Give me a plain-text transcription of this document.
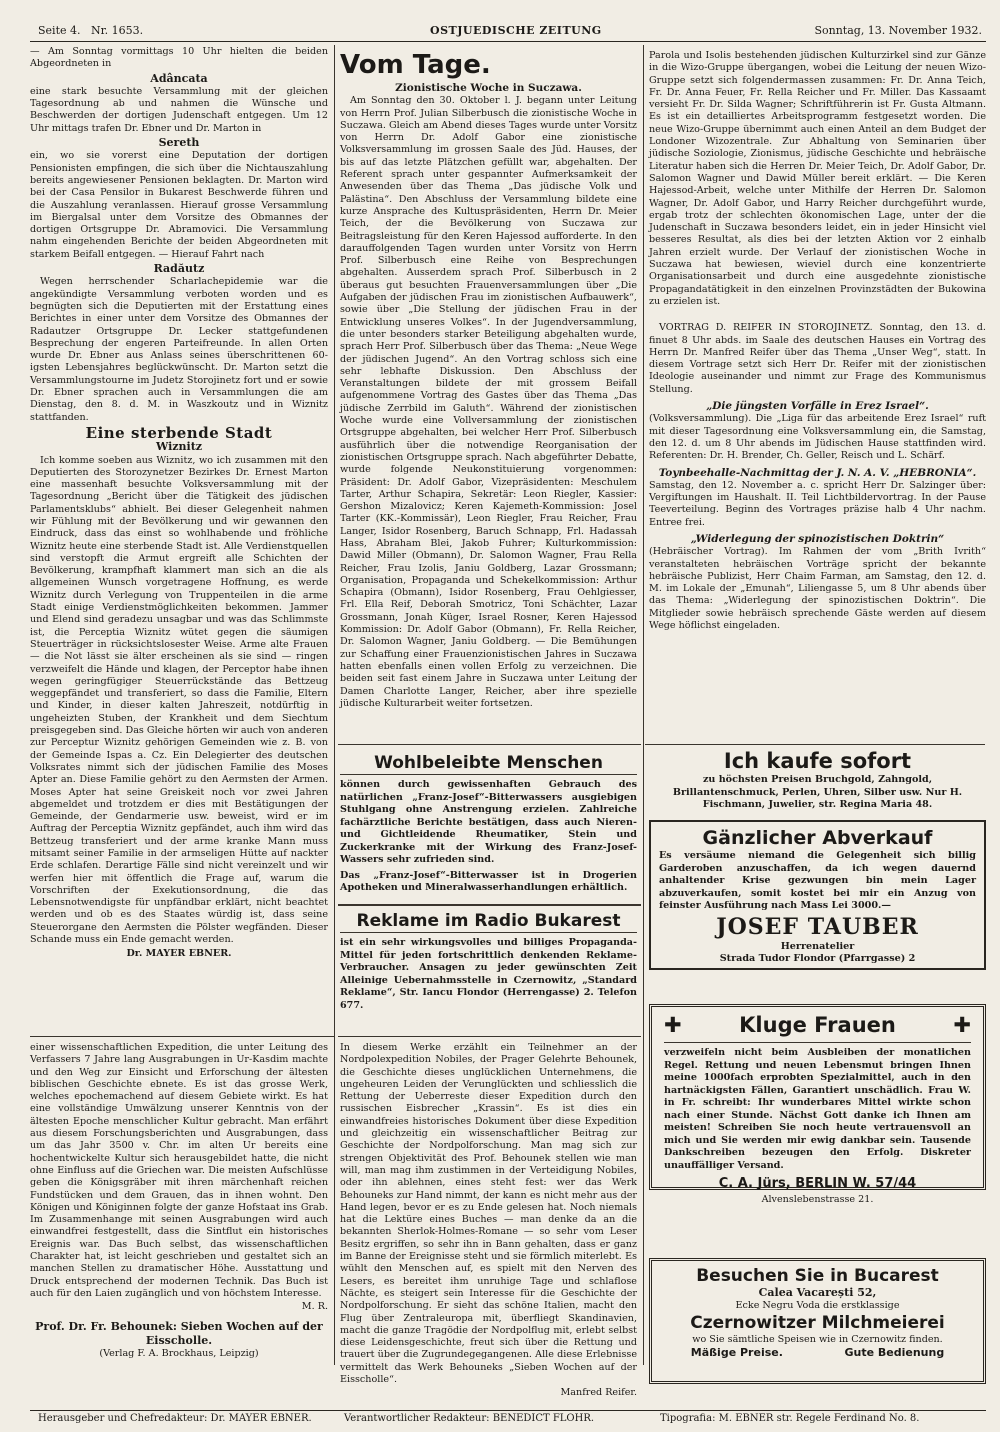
Seite 4. Nr. 1653.	OSTJUEDISCHE ZEITUNG	Sonntag, 13. November 1932.

— Am Sonntag vormittags 10 Uhr hielten die beiden Abgeordneten in

Adâncata

eine stark besuchte Versammlung mit der gleichen Tagesordnung ab und nahmen die Wünsche und Beschwerden der dortigen Judenschaft entgegen. Um 12 Uhr mittags trafen Dr. Ebner und Dr. Marton in

Sereth

ein, wo sie vorerst eine Deputation der dortigen Pensionisten empfingen, die sich über die Nichtauszahlung bereits angewiesener Pensionen beklagten. Dr. Marton wird bei der Casa Pensilor in Bukarest Beschwerde führen und die Auszahlung veranlassen. Hierauf grosse Versammlung im Biergalsal unter dem Vorsitze des Obmannes der dortigen Ortsgruppe Dr. Abramovici. Die Versammlung nahm eingehenden Berichte der beiden Abgeordneten mit starkem Beifall entgegen. — Hierauf Fahrt nach

Radăutz

Wegen herrschender Scharlachepidemie war die angekündigte Versammlung verboten worden und es begnügten sich die Deputierten mit der Erstattung eines Berichtes in einer unter dem Vorsitze des Obmannes der Radautzer Ortsgruppe Dr. Lecker stattgefundenen Besprechung der engeren Parteifreunde. In allen Orten wurde Dr. Ebner aus Anlass seines überschrittenen 60-igsten Lebensjahres beglückwünscht. Dr. Marton setzt die Versammlungstourne im Judetz Storojinetz fort und er sowie Dr. Ebner sprachen auch in Versammlungen die am Dienstag, den 8. d. M. in Waszkoutz und in Wiznitz stattfanden.

Eine sterbende Stadt
Wiznitz

Ich komme soeben aus Wiznitz, wo ich zusammen mit den Deputierten des Storozynetzer Bezirkes Dr. Ernest Marton eine massenhaft besuchte Volksversammlung mit der Tagesordnung „Bericht über die Tätigkeit des jüdischen Parlamentsklubs“ abhielt. Bei dieser Gelegenheit nahmen wir Fühlung mit der Bevölkerung und wir gewannen den Eindruck, dass das einst so wohlhabende und fröhliche Wiznitz heute eine sterbende Stadt ist. Alle Verdienstquellen sind verstopft die Armut ergreift alle Schichten der Bevölkerung, krampfhaft klammert man sich an die als allgemeinen Wunsch vorgetragene Hoffnung, es werde Wiznitz durch Verlegung von Truppenteilen in die arme Stadt einige Verdienstmöglichkeiten bekommen. Jammer und Elend sind geradezu unsagbar und was das Schlimmste ist, die Perceptia Wiznitz wütet gegen die säumigen Steuerträger in rücksichtslosester Weise. Arme alte Frauen — die Not lässt sie älter erscheinen als sie sind — ringen verzweifelt die Hände und klagen, der Perceptor habe ihnen wegen geringfügiger Steuerrückstände das Bettzeug weggepfändet und transferiert, so dass die Familie, Eltern und Kinder, in dieser kalten Jahreszeit, notdürftig in ungeheizten Stuben, der Krankheit und dem Siechtum preisgegeben sind. Das Gleiche hörten wir auch von anderen zur Perceptur Wiznitz gehörigen Gemeinden wie z. B. von der Gemeinde Ispas a. Cz. Ein Delegierter des deutschen Volksrates nimmt sich der jüdischen Familie des Moses Apter an. Diese Familie gehört zu den Aermsten der Armen. Moses Apter hat seine Greiskeit noch vor zwei Jahren abgemeldet und trotzdem er dies mit Bestätigungen der Gemeinde, der Gendarmerie usw. beweist, wird er im Auftrag der Perceptia Wiznitz gepfändet, auch ihm wird das Bettzeug transferiert und der arme kranke Mann muss mitsamt seiner Familie in der armseligen Hütte auf nackter Erde schlafen. Derartige Fälle sind nicht vereinzelt und wir werfen hier mit öffentlich die Frage auf, warum die Vorschriften der Exekutionsordnung, die das Lebensnotwendigste für unpfändbar erklärt, nicht beachtet werden und ob es des Staates würdig ist, dass seine Steuerorgane den Aermsten die Pölster wegfänden. Dieser Schande muss ein Ende gemacht werden.

Dr. MAYER EBNER.
Vom Tage.
Zionistische Woche in Suczawa.

Am Sonntag den 30. Oktober l. J. begann unter Leitung von Herrn Prof. Julian Silberbusch die zionistische Woche in Suczawa. Gleich am Abend dieses Tages wurde unter Vorsitz von Herrn Dr. Adolf Gabor eine zionistische Volksversammlung im grossen Saale des Jüd. Hauses, der bis auf das letzte Plätzchen gefüllt war, abgehalten. Der Referent sprach unter gespannter Aufmerksamkeit der Anwesenden über das Thema „Das jüdische Volk und Palästina“. Den Abschluss der Versammlung bildete eine kurze Ansprache des Kultuspräsidenten, Herrn Dr. Meier Teich, der die Bevölkerung von Suczawa zur Beitragsleistung für den Keren Hajessod aufforderte. In den darauffolgenden Tagen wurden unter Vorsitz von Herrn Prof. Silberbusch eine Reihe von Besprechungen abgehalten. Ausserdem sprach Prof. Silberbusch in 2 überaus gut besuchten Frauenversammlungen über „Die Aufgaben der jüdischen Frau im zionistischen Aufbauwerk“, sowie über „Die Stellung der jüdischen Frau in der Entwicklung unseres Volkes“. In der Jugendversammlung, die unter besonders starker Beteiligung abgehalten wurde, sprach Herr Prof. Silberbusch über das Thema: „Neue Wege der jüdischen Jugend“. An den Vortrag schloss sich eine sehr lebhafte Diskussion. Den Abschluss der Veranstaltungen bildete der mit grossem Beifall aufgenommene Vortrag des Gastes über das Thema „Das jüdische Zerrbild im Galuth“. Während der zionistischen Woche wurde eine Vollversammlung der zionistischen Ortsgruppe abgehalten, bei welcher Herr Prof. Silberbusch ausführlich über die notwendige Reorganisation der zionistischen Ortsgruppe sprach. Nach abgeführter Debatte, wurde folgende Neukonstituierung vorgenommen: Präsident: Dr. Adolf Gabor, Vizepräsidenten: Meschulem Tarter, Arthur Schapira, Sekretär: Leon Riegler, Kassier: Gershon Mizalovicz; Keren Kajemeth-Kommission: Josel Tarter (KK.-Kommissär), Leon Riegler, Frau Reicher, Frau Langer, Isidor Rosenberg, Baruch Schnapp, Frl. Hadassah Hass, Abraham Blei, Jakob Fuhrer; Kulturkommission: Dawid Miller (Obmann), Dr. Salomon Wagner, Frau Rella Reicher, Frau Izolis, Janiu Goldberg, Lazar Grossmann; Organisation, Propaganda und Schekelkommission: Arthur Schapira (Obmann), Isidor Rosenberg, Frau Oehlgiesser, Frl. Ella Reif, Deborah Smotricz, Toni Schächter, Lazar Grossmann, Jonah Küger, Israel Rosner, Keren Hajessod Kommission: Dr. Adolf Gabor (Obmann), Fr. Rella Reicher, Dr. Salomon Wagner, Janiu Goldberg. — Die Bemühungen zur Schaffung einer Frauenzionistischen Jahres in Suczawa hatten ebenfalls einen vollen Erfolg zu verzeichnen. Die beiden seit fast einem Jahre in Suczawa unter Leitung der Damen Charlotte Langer, Reicher, aber ihre spezielle jüdische Kulturarbeit weiter fortsetzen.

Wohlbeleibte Menschen
können durch gewissenhaften Gebrauch des natürlichen „Franz-Josef“-Bitterwassers ausgiebigen Stuhlgang ohne Anstrengung erzielen. Zahlreiche fachärztliche Berichte bestätigen, dass auch Nieren- und Gichtleidende Rheumatiker, Stein und Zuckerkranke mit der Wirkung des Franz-Josef-Wassers sehr zufrieden sind.
Das „Franz-Josef“-Bitterwasser ist in Drogerien Apotheken und Mineralwasserhandlungen erhältlich.
Reklame im Radio Bukarest
ist ein sehr wirkungsvolles und billiges Propaganda-Mittel für jeden fortschrittlich denkenden Reklame-Verbraucher. Ansagen zu jeder gewünschten Zeit Alleinige Uebernahmsstelle in Czernowitz, „Standard Reklame“, Str. Iancu Flondor (Herrengasse) 2. Telefon 677.

Parola und Isolis bestehenden jüdischen Kulturzirkel sind zur Gänze in die Wizo-Gruppe übergangen, wobei die Leitung der neuen Wizo-Gruppe setzt sich folgendermassen zusammen: Fr. Dr. Anna Teich, Fr. Dr. Anna Feuer, Fr. Rella Reicher und Fr. Miller. Das Kassaamt versieht Fr. Dr. Silda Wagner; Schriftführerin ist Fr. Gusta Altmann. Es ist ein detailliertes Arbeitsprogramm festgesetzt worden. Die neue Wizo-Gruppe übernimmt auch einen Anteil an dem Budget der Londoner Wizozentrale. Zur Abhaltung von Seminarien über jüdische Soziologie, Zionismus, jüdische Geschichte und hebräische Literatur haben sich die Herren Dr. Meier Teich, Dr. Adolf Gabor, Dr. Salomon Wagner und Dawid Müller bereit erklärt. — Die Keren Hajessod-Arbeit, welche unter Mithilfe der Herren Dr. Salomon Wagner, Dr. Adolf Gabor, und Harry Reicher durchgeführt wurde, ergab trotz der schlechten ökonomischen Lage, unter der die Judenschaft in Suczawa besonders leidet, ein in jeder Hinsicht viel besseres Resultat, als dies bei der letzten Aktion vor 2 einhalb Jahren erzielt wurde. Der Verlauf der zionistischen Woche in Suczawa hat bewiesen, wieviel durch eine konzentrierte Organisationsarbeit und durch eine ausgedehnte zionistische Propagandatätigkeit in den einzelnen Provinzstädten der Bukowina zu erzielen ist.

VORTRAG D. REIFER IN STOROJINETZ. Sonntag, den 13. d. finuet 8 Uhr abds. im Saale des deutschen Hauses ein Vortrag des Herrn Dr. Manfred Reifer über das Thema „Unser Weg“, statt. In diesem Vortrage setzt sich Herr Dr. Reifer mit der zionistischen Ideologie auseinander und nimmt zur Frage des Kommunismus Stellung.

„Die jüngsten Vorfälle in Erez Israel“.

(Volksversammlung). Die „Liga für das arbeitende Erez Israel“ ruft mit dieser Tagesordnung eine Volksversammlung ein, die Samstag, den 12. d. um 8 Uhr abends im Jüdischen Hause stattfinden wird. Referenten: Dr. H. Brender, Ch. Geller, Reisch und L. Schärf.

Toynbeehalle-Nachmittag der J. N. A. V. „HEBRONIA“.

Samstag, den 12. November a. c. spricht Herr Dr. Salzinger über: Vergiftungen im Haushalt. II. Teil Lichtbildervortrag. In der Pause Teeverteilung. Beginn des Vortrages präzise halb 4 Uhr nachm. Entree frei.

„Widerlegung der spinozistischen Doktrin“

(Hebräischer Vortrag). Im Rahmen der vom „Brith Ivrith“ veranstalteten hebräischen Vorträge spricht der bekannte hebräische Publizist, Herr Chaim Farman, am Samstag, den 12. d. M. im Lokale der „Emunah“, Liliengasse 5, um 8 Uhr abends über das Thema: „Widerlegung der spinozistischen Doktrin“. Die Mitglieder sowie hebräisch sprechende Gäste werden auf diesem Wege höflichst eingeladen.

Ich kaufe sofort
zu höchsten Preisen Bruchgold, Zahngold, Brillantenschmuck, Perlen, Uhren, Silber usw. Nur H. Fischmann, Juwelier, str. Regina Maria 48.
Gänzlicher Abverkauf
Es versäume niemand die Gelegenheit sich billig Garderoben anzuschaffen, da ich wegen dauernd anhaltender Krise gezwungen bin mein Lager abzuverkaufen, somit kostet bei mir ein Anzug von feinster Ausführung nach Mass Lei 3000.—
JOSEF TAUBER
Herrenatelier
Strada Tudor Flondor (Pfarrgasse) 2
✚	Kluge Frauen	✚
verzweifeln nicht beim Ausbleiben der monatlichen Regel. Rettung und neuen Lebensmut bringen Ihnen meine 1000fach erprobten Spezialmittel, auch in den hartnäckigsten Fällen, Garantiert unschädlich. Frau W. in Fr. schreibt: Ihr wunderbares Mittel wirkte schon nach einer Stunde. Nächst Gott danke ich Ihnen am meisten! Schreiben Sie noch heute vertrauensvoll an mich und Sie werden mir ewig dankbar sein. Tausende Dankschreiben bezeugen den Erfolg. Diskreter unauffälliger Versand.
C. A. Jürs, BERLIN W. 57/44
Alvenslebenstrasse 21.
Besuchen Sie in Bucarest
Calea Vacarești 52,
Ecke Negru Voda die erstklassige
Czernowitzer Milchmeierei
wo Sie sämtliche Speisen wie in Czernowitz finden.
Mäßige Preise.	Gute Bedienung

einer wissenschaftlichen Expedition, die unter Leitung des Verfassers 7 Jahre lang Ausgrabungen in Ur-Kasdim machte und den Weg zur Einsicht und Erforschung der ältesten biblischen Geschichte ebnete. Es ist das grosse Werk, welches epochemachend auf diesem Gebiete wirkt. Es hat eine vollständige Umwälzung unserer Kenntnis von der ältesten Epoche menschlicher Kultur gebracht. Man erfährt aus diesem Forschungsberichten und Ausgrabungen, dass um das Jahr 3500 v. Chr. im alten Ur bereits eine hochentwickelte Kultur sich herausgebildet hatte, die nicht ohne Einfluss auf die Griechen war. Die meisten Aufschlüsse geben die Königsgräber mit ihren märchenhaft reichen Fundstücken und dem Grauen, das in ihnen wohnt. Den Königen und Königinnen folgte der ganze Hofstaat ins Grab. Im Zusammenhange mit seinen Ausgrabungen wird auch einwandfrei festgestellt, dass die Sintflut ein historisches Ereignis war. Das Buch selbst, das wissenschaftlichen Charakter hat, ist leicht geschrieben und gestaltet sich an manchen Stellen zu dramatischer Höhe. Ausstattung und Druck entsprechend der modernen Technik. Das Buch ist auch für den Laien zugänglich und von höchstem Interesse.

M. R.
Prof. Dr. Fr. Behounek: Sieben Wochen auf der Eisscholle.
(Verlag F. A. Brockhaus, Leipzig)

In diesem Werke erzählt ein Teilnehmer an der Nordpolexpedition Nobiles, der Prager Gelehrte Behounek, die Geschichte dieses unglücklichen Unternehmens, die ungeheuren Leiden der Verunglückten und schliesslich die Rettung der Ueberreste dieser Expedition durch den russischen Eisbrecher „Krassin“. Es ist dies ein einwandfreies historisches Dokument über diese Expedition und gleichzeitig ein wissenschaftlicher Beitrag zur Geschichte der Nordpolforschung. Man mag sich zur strengen Objektivität des Prof. Behounek stellen wie man will, man mag ihm zustimmen in der Verteidigung Nobiles, oder ihn ablehnen, eines steht fest: wer das Werk Behouneks zur Hand nimmt, der kann es nicht mehr aus der Hand legen, bevor er es zu Ende gelesen hat. Noch niemals hat die Lektüre eines Buches — man denke da an die bekannten Sherlok-Holmes-Romane — so sehr vom Leser Besitz ergriffen, so sehr ihn in Bann gehalten, dass er ganz im Banne der Ereignisse steht und sie förmlich miterlebt. Es wühlt den Menschen auf, es spielt mit den Nerven des Lesers, es bereitet ihm unruhige Tage und schlaflose Nächte, es steigert sein Interesse für die Geschichte der Nordpolforschung. Er sieht das schöne Italien, macht den Flug über Zentraleuropa mit, überfliegt Skandinavien, macht die ganze Tragödie der Nordpolflug mit, erlebt selbst diese Leidensgeschichte, freut sich über die Rettung und trauert über die Zugrundegegangenen. Alle diese Erlebnisse vermittelt das Werk Behouneks „Sieben Wochen auf der Eisscholle“.

Manfred Reifer.
Herausgeber und Chefredakteur: Dr. MAYER EBNER.	Verantwortlicher Redakteur: BENEDICT FLOHR.	Tipografia: M. EBNER str. Regele Ferdinand No. 8.
